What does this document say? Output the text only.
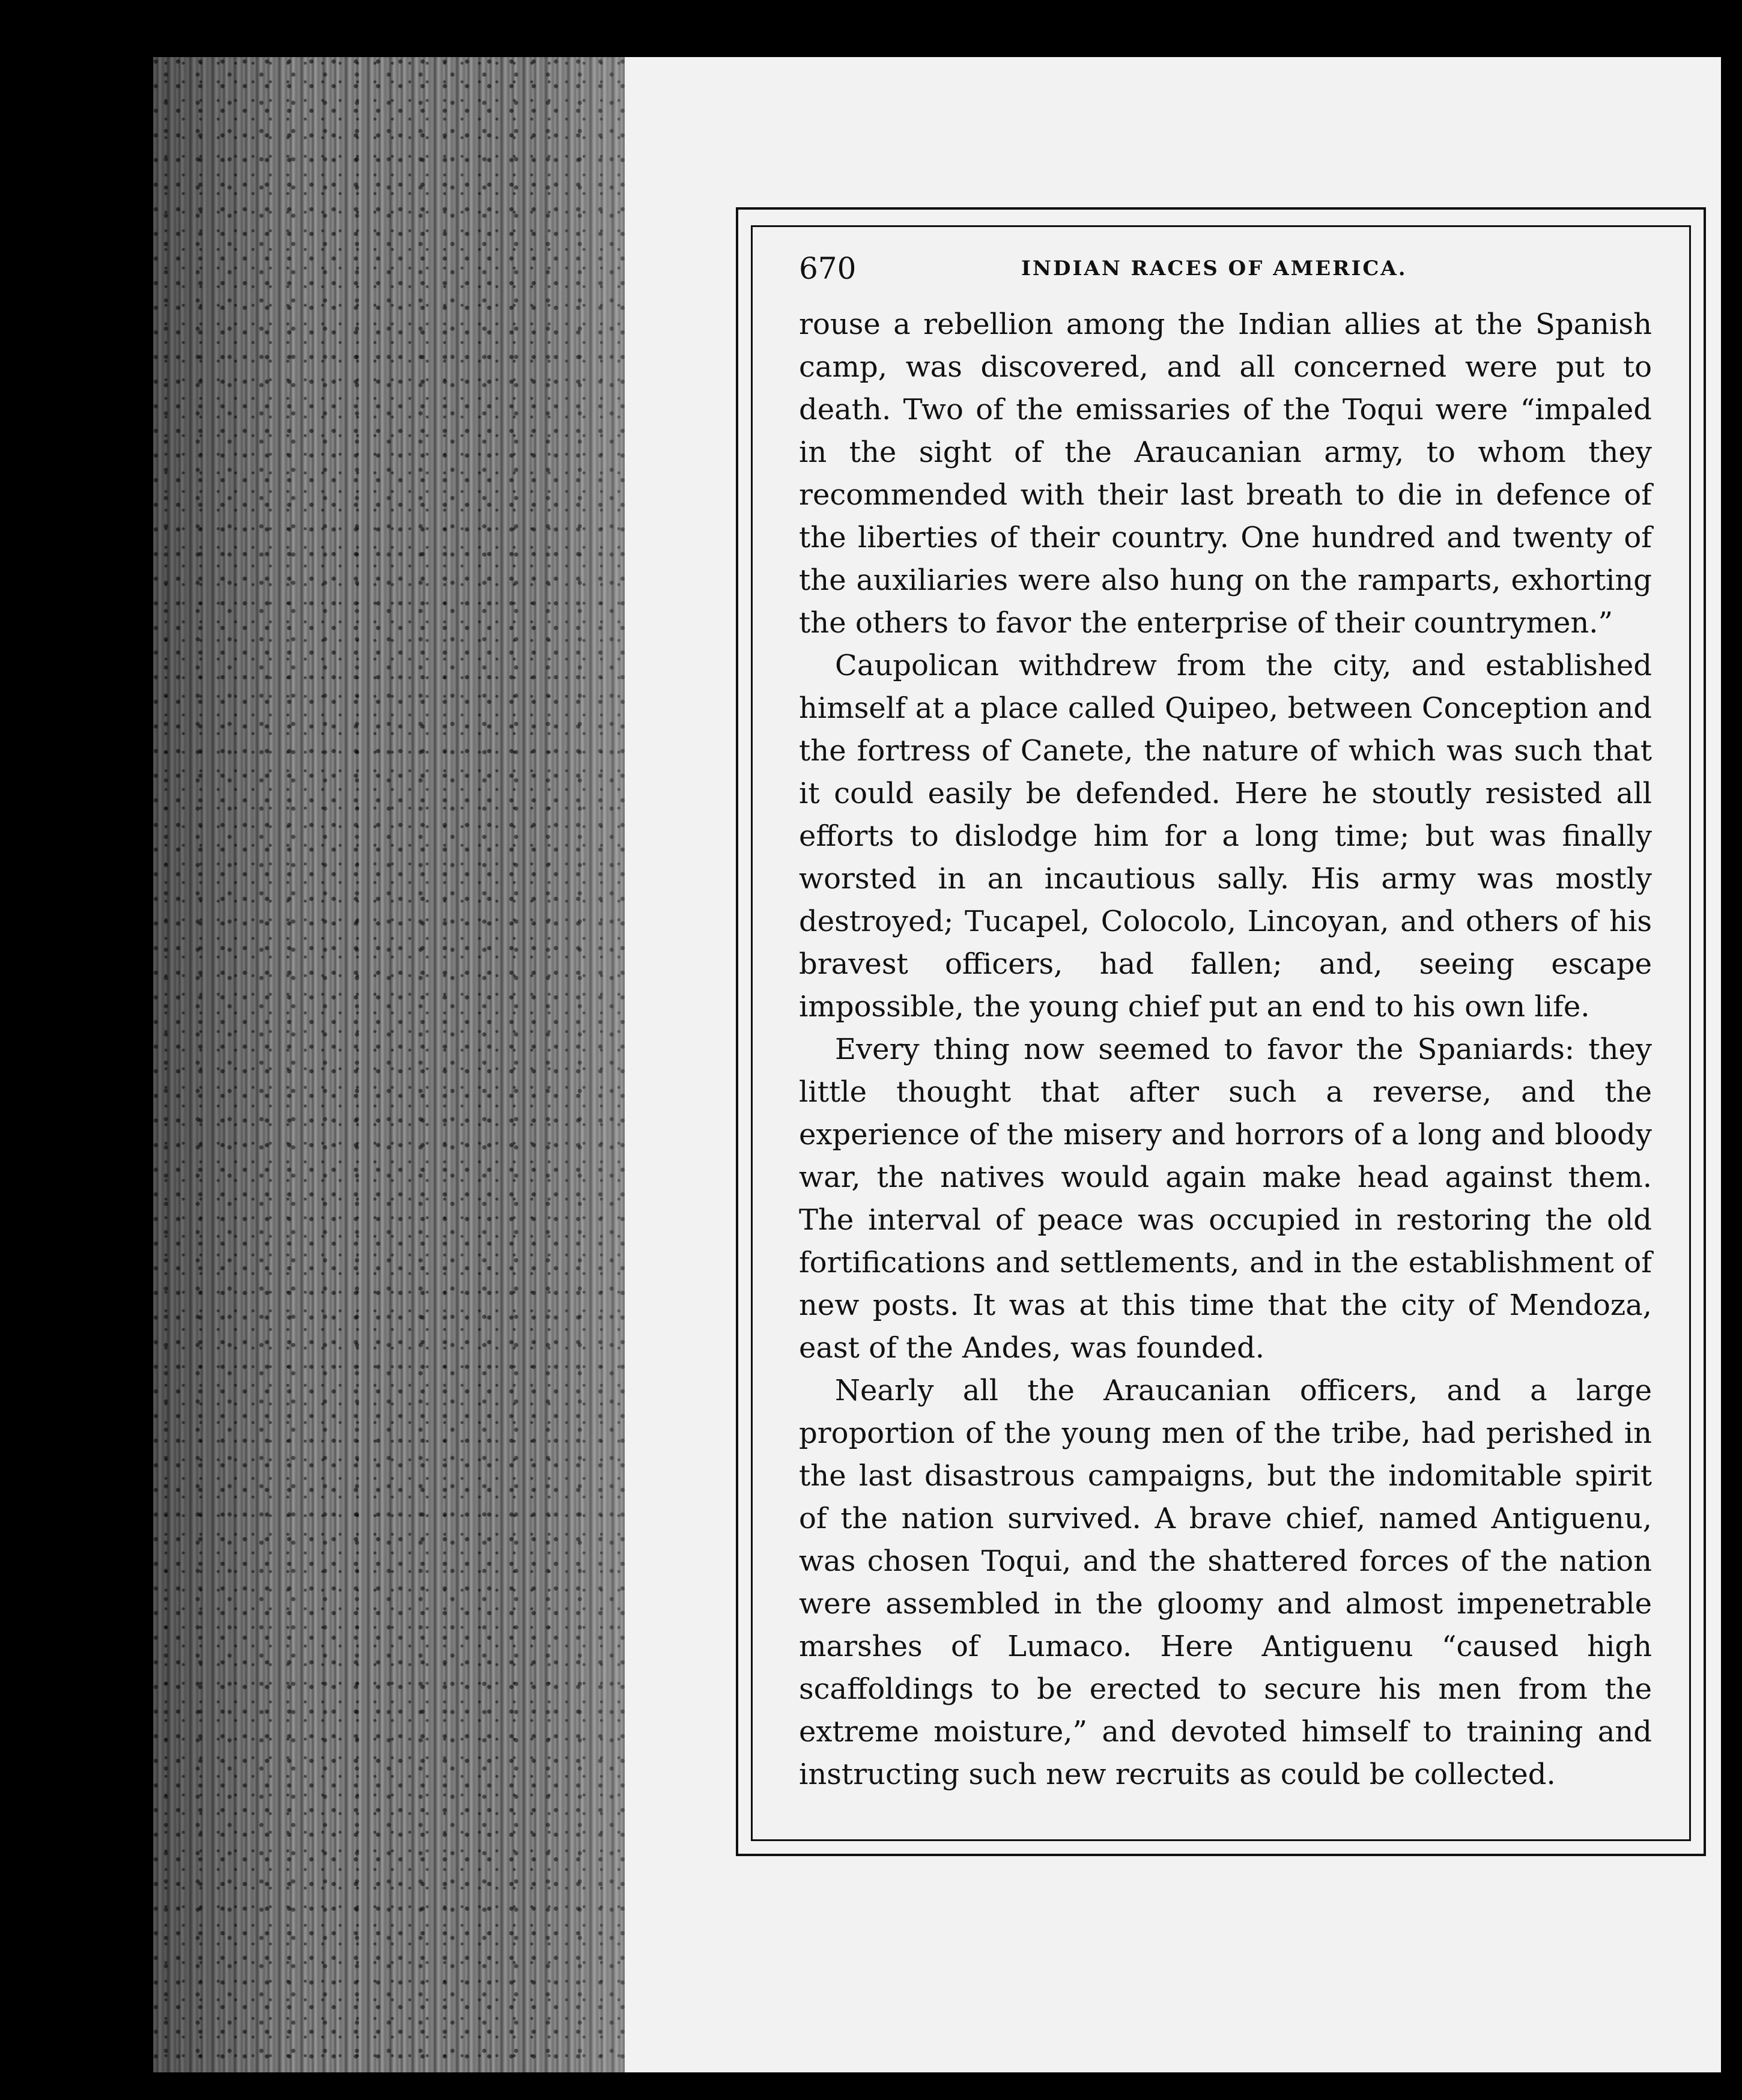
670	INDIAN RACES OF AMERICA.

rouse a rebellion among the Indian allies at the Spanish camp, was discovered, and all concerned were put to death. Two of the emissaries of the Toqui were “impaled in the sight of the Araucanian army, to whom they recommended with their last breath to die in defence of the liberties of their country. One hundred and twenty of the auxiliaries were also hung on the ramparts, exhorting the others to favor the enterprise of their countrymen.”

Caupolican withdrew from the city, and established himself at a place called Quipeo, between Conception and the fortress of Canete, the nature of which was such that it could easily be defended. Here he stoutly resisted all efforts to dislodge him for a long time; but was finally worsted in an incautious sally. His army was mostly destroyed; Tucapel, Colocolo, Lincoyan, and others of his bravest officers, had fallen; and, seeing escape impossible, the young chief put an end to his own life.

Every thing now seemed to favor the Spaniards: they little thought that after such a reverse, and the experience of the misery and horrors of a long and bloody war, the natives would again make head against them. The interval of peace was occupied in restoring the old fortifications and settlements, and in the establishment of new posts. It was at this time that the city of Mendoza, east of the Andes, was founded.

Nearly all the Araucanian officers, and a large proportion of the young men of the tribe, had perished in the last disastrous campaigns, but the indomitable spirit of the nation survived. A brave chief, named Antiguenu, was chosen Toqui, and the shattered forces of the nation were assembled in the gloomy and almost impenetrable marshes of Lumaco. Here Antiguenu “caused high scaffoldings to be erected to secure his men from the extreme moisture,” and devoted himself to training and instructing such new recruits as could be collected.
